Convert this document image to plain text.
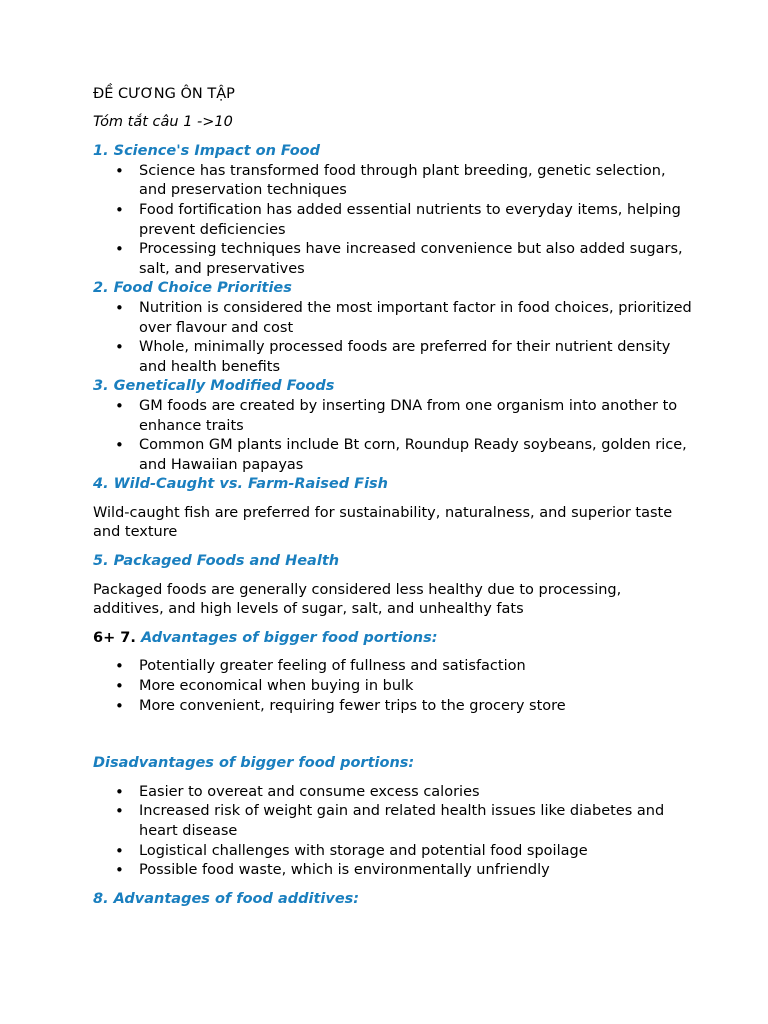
ĐỀ CƯƠNG ÔN TẬP

Tóm tắt câu 1 ->10

1. Science's Impact on Food

• Science has transformed food through plant breeding, genetic selection, and preservation techniques
• Food fortification has added essential nutrients to everyday items, helping prevent deficiencies
• Processing techniques have increased convenience but also added sugars, salt, and preservatives

2. Food Choice Priorities

• Nutrition is considered the most important factor in food choices, prioritized over flavour and cost
• Whole, minimally processed foods are preferred for their nutrient density and health benefits

3. Genetically Modified Foods

• GM foods are created by inserting DNA from one organism into another to enhance traits
• Common GM plants include Bt corn, Roundup Ready soybeans, golden rice, and Hawaiian papayas

4. Wild-Caught vs. Farm-Raised Fish

Wild-caught fish are preferred for sustainability, naturalness, and superior taste and texture

5. Packaged Foods and Health

Packaged foods are generally considered less healthy due to processing, additives, and high levels of sugar, salt, and unhealthy fats

6+ 7. Advantages of bigger food portions:

• Potentially greater feeling of fullness and satisfaction
• More economical when buying in bulk
• More convenient, requiring fewer trips to the grocery store

Disadvantages of bigger food portions:

• Easier to overeat and consume excess calories
• Increased risk of weight gain and related health issues like diabetes and heart disease
• Logistical challenges with storage and potential food spoilage
• Possible food waste, which is environmentally unfriendly

8. Advantages of food additives:
